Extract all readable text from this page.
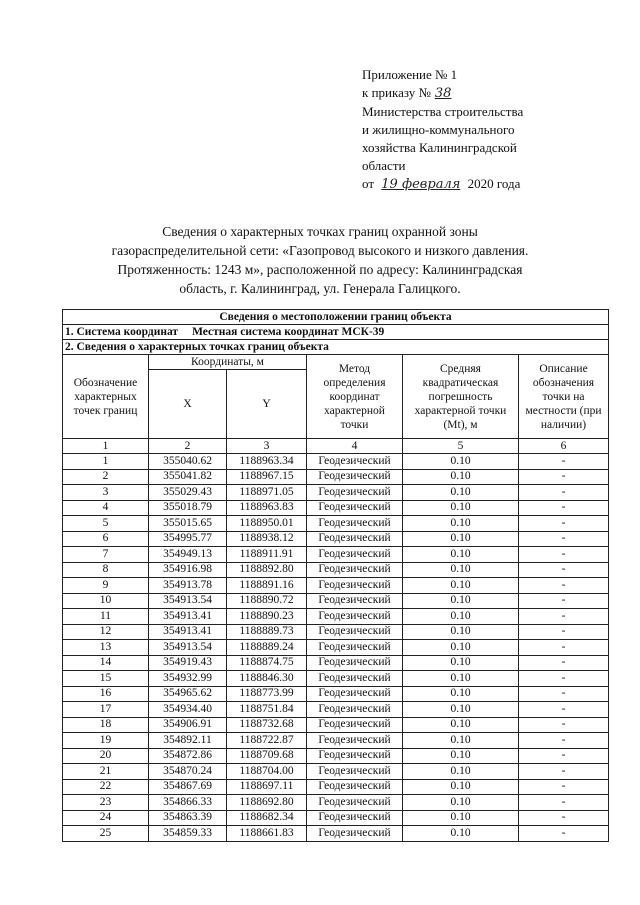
Приложение № 1
к приказу № 38
Министерства строительства
и жилищно-коммунального
хозяйства Калининградской
области
от 19 февраля 2020 года
Сведения о характерных точках границ охранной зоны
газораспределительной сети: «Газопровод высокого и низкого давления.
Протяженность: 1243 м», расположенной по адресу: Калининградская
область, г. Калининград, ул. Генерала Галицкого.
Сведения о местоположении границ объекта					
1. Система координат Местная система координат МСК-39					
2. Сведения о характерных точках границ объекта					
Обозначение характерных точек границ	Координаты, м		Метод определения координат характерной точки	Средняя квадратическая погрешность характерной точки (Mt), м	Описание обозначения точки на местности (при наличии)
	X	Y			
1	2	3	4	5	6
1	355040.62	1188963.34	Геодезический	0.10	-
2	355041.82	1188967.15	Геодезический	0.10	-
3	355029.43	1188971.05	Геодезический	0.10	-
4	355018.79	1188963.83	Геодезический	0.10	-
5	355015.65	1188950.01	Геодезический	0.10	-
6	354995.77	1188938.12	Геодезический	0.10	-
7	354949.13	1188911.91	Геодезический	0.10	-
8	354916.98	1188892.80	Геодезический	0.10	-
9	354913.78	1188891.16	Геодезический	0.10	-
10	354913.54	1188890.72	Геодезический	0.10	-
11	354913.41	1188890.23	Геодезический	0.10	-
12	354913.41	1188889.73	Геодезический	0.10	-
13	354913.54	1188889.24	Геодезический	0.10	-
14	354919.43	1188874.75	Геодезический	0.10	-
15	354932.99	1188846.30	Геодезический	0.10	-
16	354965.62	1188773.99	Геодезический	0.10	-
17	354934.40	1188751.84	Геодезический	0.10	-
18	354906.91	1188732.68	Геодезический	0.10	-
19	354892.11	1188722.87	Геодезический	0.10	-
20	354872.86	1188709.68	Геодезический	0.10	-
21	354870.24	1188704.00	Геодезический	0.10	-
22	354867.69	1188697.11	Геодезический	0.10	-
23	354866.33	1188692.80	Геодезический	0.10	-
24	354863.39	1188682.34	Геодезический	0.10	-
25	354859.33	1188661.83	Геодезический	0.10	-
